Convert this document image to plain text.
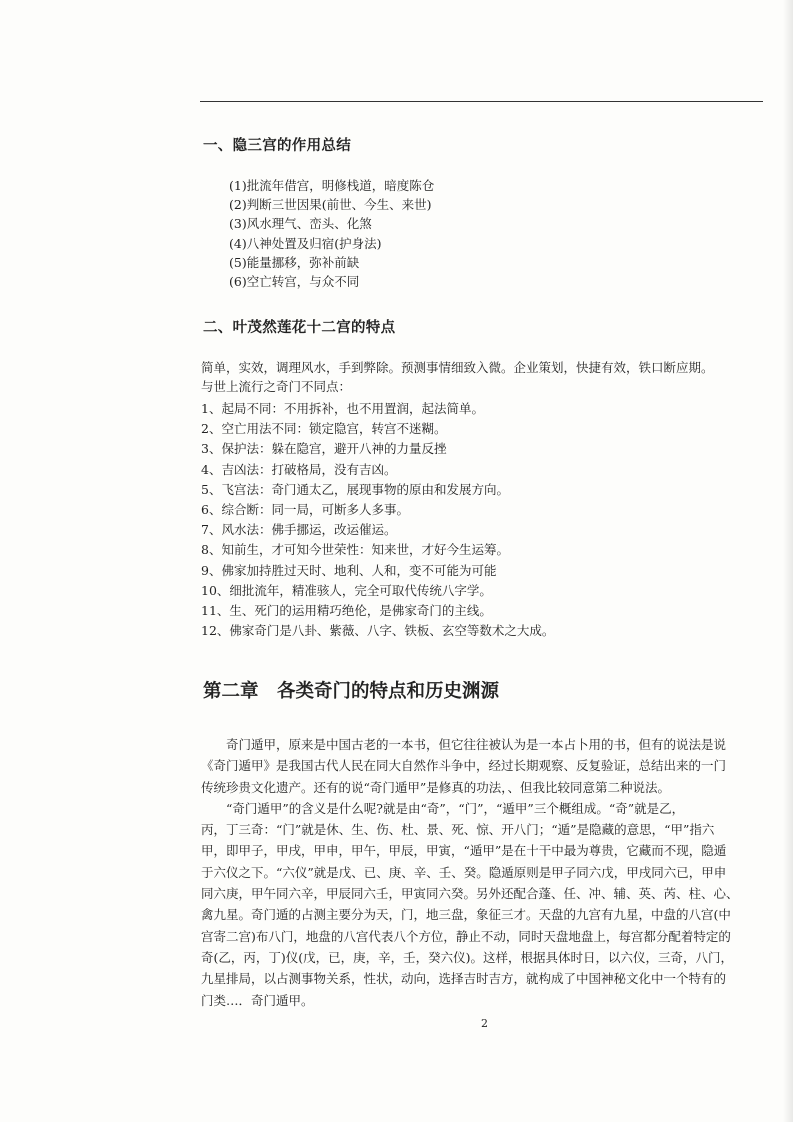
一、隐三宫的作用总结
(1)批流年借宫，明修栈道，暗度陈仓
(2)判断三世因果(前世、今生、来世)
(3)风水理气、峦头、化煞
(4)八神处置及归宿(护身法)
(5)能量挪移，弥补前缺
(6)空亡转宫，与众不同
二、叶茂然莲花十二宫的特点
简单，实效，调理风水，手到弊除。预测事情细致入微。企业策划，快捷有效，铁口断应期。
与世上流行之奇门不同点：
1、起局不同：不用拆补，也不用置润，起法简单。
2、空亡用法不同：锁定隐宫，转宫不迷糊。
3、保护法：躲在隐宫，避开八神的力量反挫
4、吉凶法：打破格局，没有吉凶。
5、飞宫法：奇门通太乙，展现事物的原由和发展方向。
6、综合断：同一局，可断多人多事。
7、风水法：佛手挪运，改运催运。
8、知前生，才可知今世荣性：知来世，才好今生运筹。
9、佛家加持胜过天时、地利、人和，变不可能为可能
10、细批流年，精准骇人，完全可取代传统八字学。
11、生、死门的运用精巧绝伦，是佛家奇门的主线。
12、佛家奇门是八卦、紫薇、八字、铁板、玄空等数术之大成。
第二章　各类奇门的特点和历史渊源
　　奇门遁甲，原来是中国古老的一本书，但它往往被认为是一本占卜用的书，但有的说法是说
《奇门遁甲》是我国古代人民在同大自然作斗争中，经过长期观察、反复验证，总结出来的一门
传统珍贵文化遗产。还有的说“奇门遁甲”是修真的功法，、但我比较同意第二种说法。
　　“奇门遁甲”的含义是什么呢?就是由“奇”，“门”，“遁甲”三个概组成。“奇”就是乙，
丙，丁三奇：“门”就是休、生、伤、杜、景、死、惊、开八门；“遁”是隐藏的意思，“甲”指六
甲，即甲子，甲戌，甲申，甲午，甲辰，甲寅，“遁甲”是在十干中最为尊贵，它藏而不现，隐遁
于六仪之下。“六仪”就是戊、已、庚、辛、壬、癸。隐遁原则是甲子同六戊，甲戌同六已，甲申
同六庚，甲午同六辛，甲辰同六壬，甲寅同六癸。另外还配合蓬、任、冲、辅、英、芮、柱、心、
禽九星。奇门遁的占测主要分为天，门，地三盘，象征三才。天盘的九宫有九星，中盘的八宫(中
宫寄二宫)布八门，地盘的八宫代表八个方位，静止不动，同时天盘地盘上，每宫都分配着特定的
奇(乙，丙，丁)仪(戊，已，庚，辛，壬，癸六仪)。这样，根据具体时日，以六仪，三奇，八门，
九星排局，以占测事物关系，性状，动向，选择吉时吉方，就构成了中国神秘文化中一个特有的
门类…．奇门遁甲。
2
